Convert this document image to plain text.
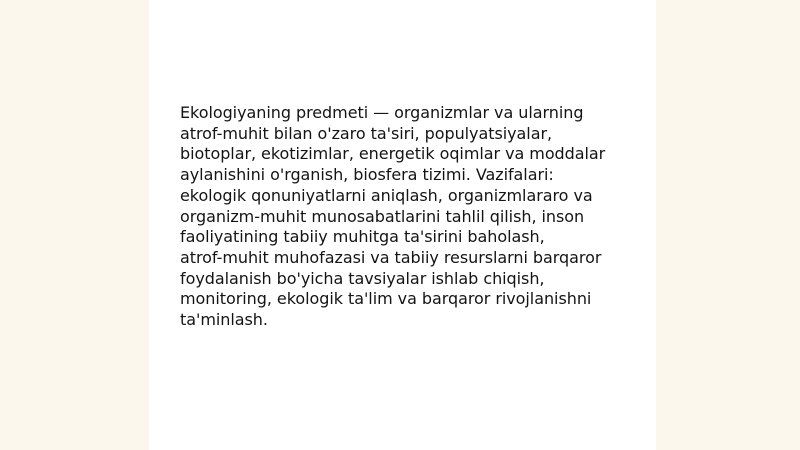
Ekologiyaning predmeti — organizmlar va ularning
atrof-muhit bilan o'zaro ta'siri, populyatsiyalar,
biotoplar, ekotizimlar, energetik oqimlar va moddalar
aylanishini o'rganish, biosfera tizimi. Vazifalari:
ekologik qonuniyatlarni aniqlash, organizmlararo va
organizm-muhit munosabatlarini tahlil qilish, inson
faoliyatining tabiiy muhitga ta'sirini baholash,
atrof-muhit muhofazasi va tabiiy resurslarni barqaror
foydalanish bo'yicha tavsiyalar ishlab chiqish,
monitoring, ekologik ta'lim va barqaror rivojlanishni
ta'minlash.
